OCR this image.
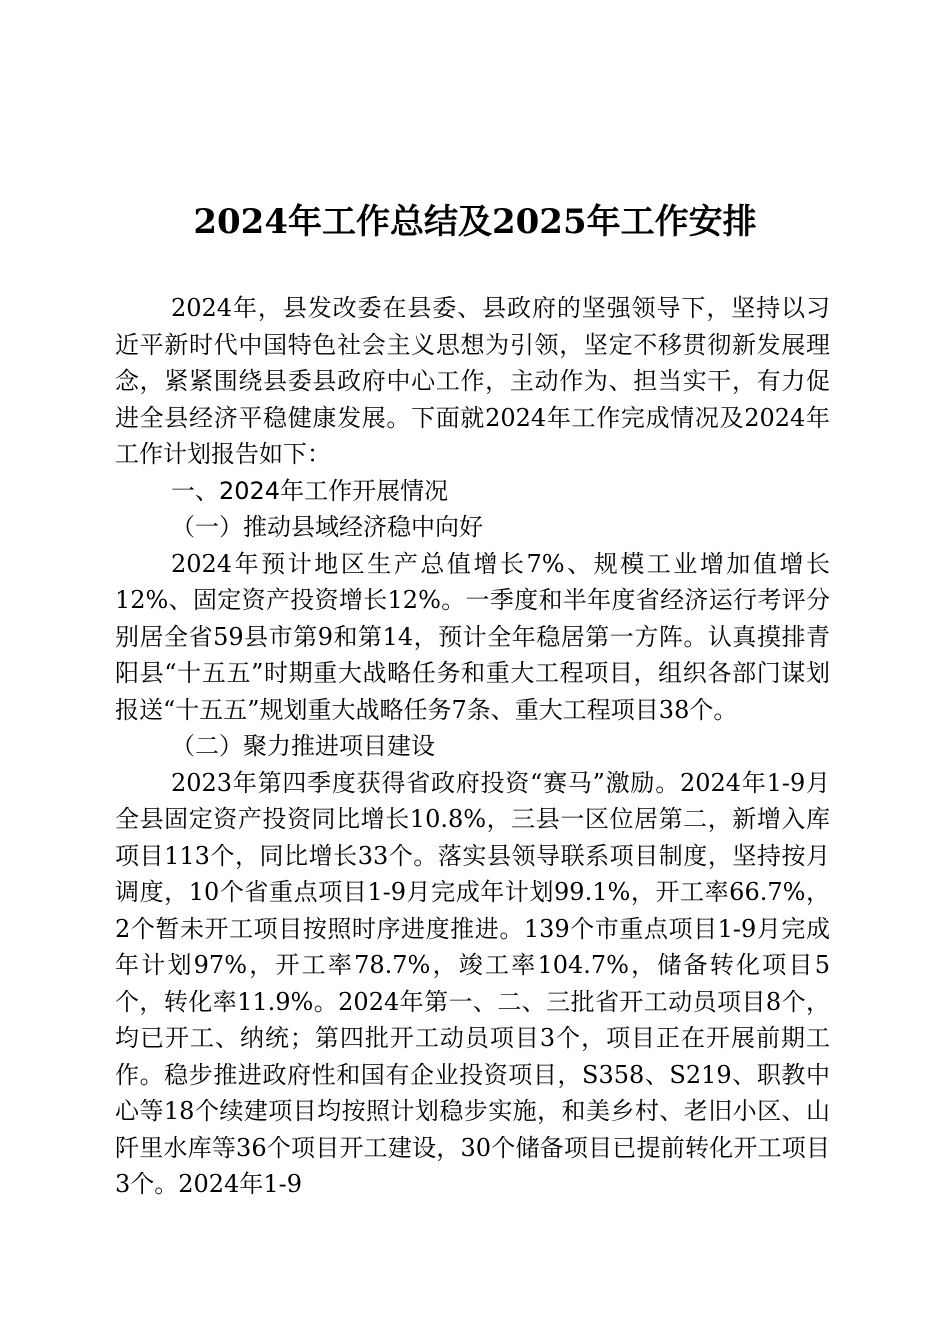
2024年工作总结及2025年工作安排

2024年，县发改委在县委、县政府的坚强领导下，坚持以习近平新时代中国特色社会主义思想为引领，坚定不移贯彻新发展理念，紧紧围绕县委县政府中心工作，主动作为、担当实干，有力促进全县经济平稳健康发展。下面就2024年工作完成情况及2024年工作计划报告如下：

一、2024年工作开展情况

（一）推动县域经济稳中向好

2024年预计地区生产总值增长7%、规模工业增加值增长12%、固定资产投资增长12%。一季度和半年度省经济运行考评分别居全省59县市第9和第14，预计全年稳居第一方阵。认真摸排青阳县“十五五”时期重大战略任务和重大工程项目，组织各部门谋划报送“十五五”规划重大战略任务7条、重大工程项目38个。

（二）聚力推进项目建设

2023年第四季度获得省政府投资“赛马”激励。2024年1-9月全县固定资产投资同比增长10.8%，三县一区位居第二，新增入库项目113个，同比增长33个。落实县领导联系项目制度，坚持按月调度，10个省重点项目1-9月完成年计划99.1%，开工率66.7%，2个暂未开工项目按照时序进度推进。139个市重点项目1-9月完成年计划97%，开工率78.7%，竣工率104.7%，储备转化项目5个，转化率11.9%。2024年第一、二、三批省开工动员项目8个，均已开工、纳统；第四批开工动员项目3个，项目正在开展前期工作。稳步推进政府性和国有企业投资项目，S358、S219、职教中心等18个续建项目均按照计划稳步实施，和美乡村、老旧小区、山阡里水库等36个项目开工建设，30个储备项目已提前转化开工项目3个。2024年1-9
